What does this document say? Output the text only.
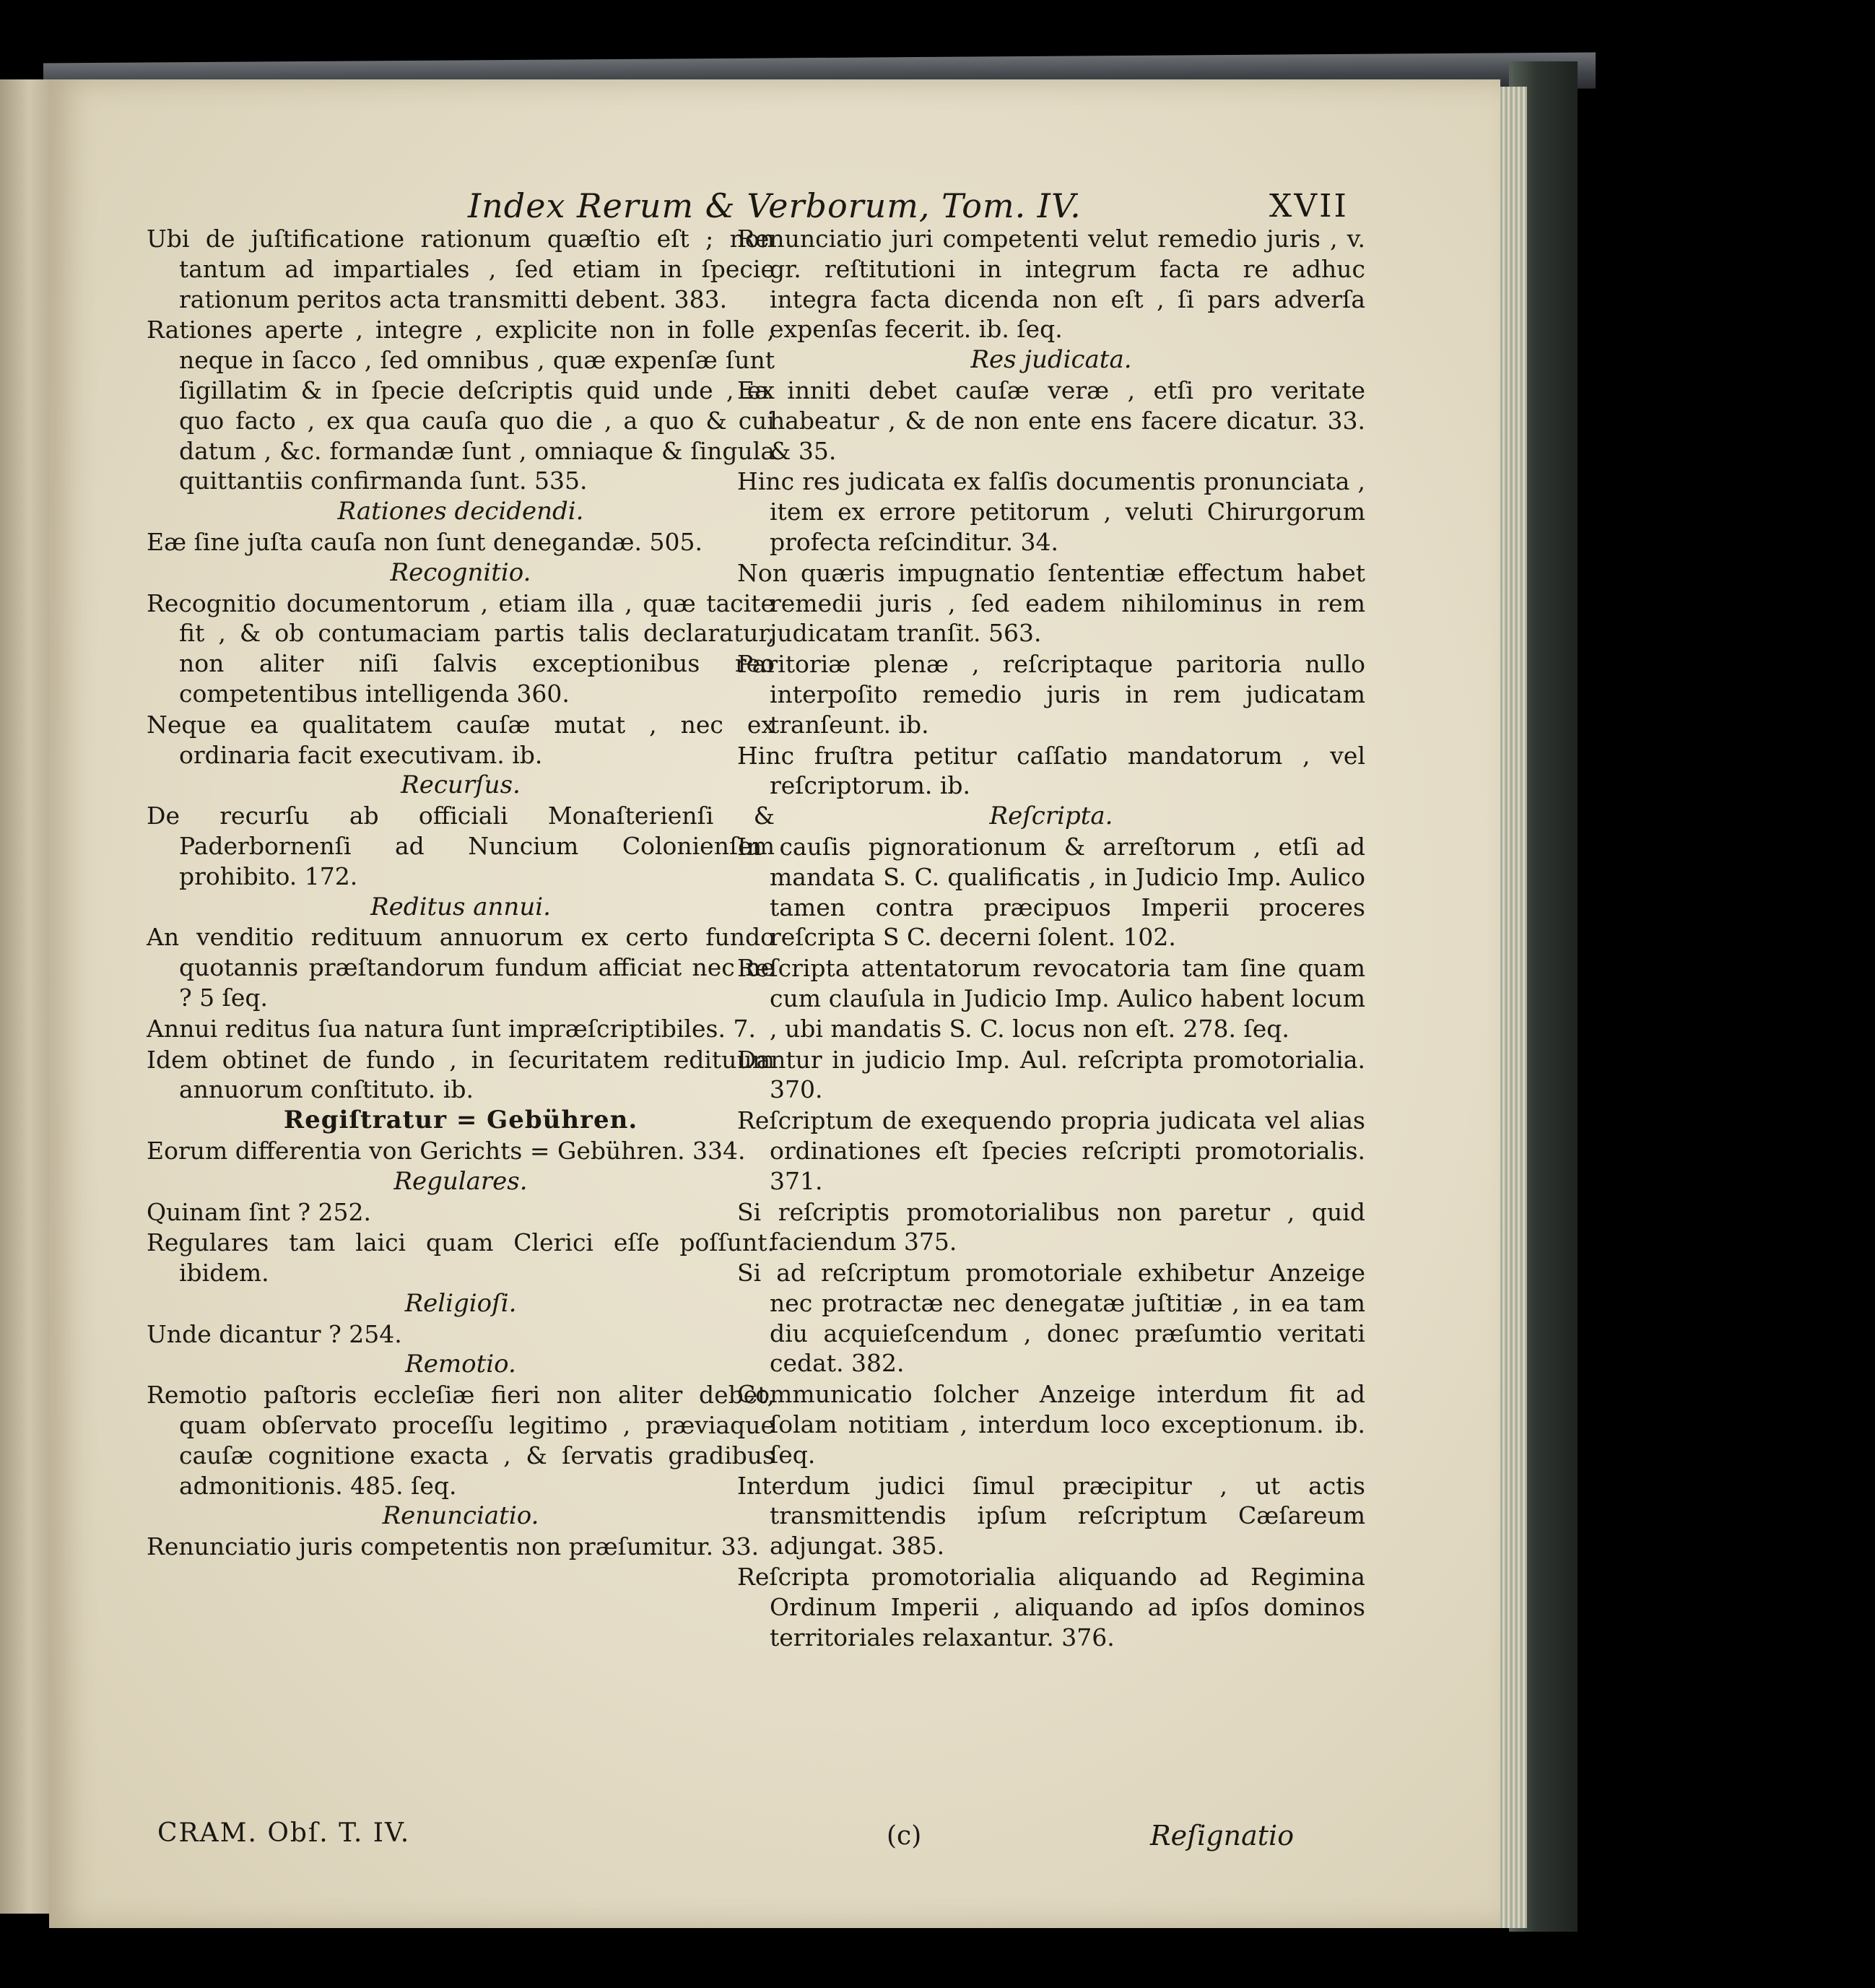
Index Rerum & Verborum, Tom. IV.	XVII

Ubi de juſtificatione rationum quæſtio eſt ; non tantum ad impartiales , ſed etiam in ſpecie rationum peritos acta transmitti debent. 383.

Rationes aperte , integre , explicite non in folle , neque in ſacco , ſed omnibus , quæ expenſæ ſunt ſigillatim & in ſpecie deſcriptis quid unde , ex quo facto , ex qua cauſa quo die , a quo & cui datum , &c. formandæ ſunt , omniaque & ſingula quittantiis confirmanda ſunt. 535.

Rationes decidendi.

Eæ ſine juſta cauſa non ſunt denegandæ. 505.

Recognitio.

Recognitio documentorum , etiam illa , quæ tacite fit , & ob contumaciam partis talis declaratur, non aliter niſi ſalvis exceptionibus reo competentibus intelligenda 360.

Neque ea qualitatem cauſæ mutat , nec ex ordinaria facit executivam. ib.

Recurſus.

De recurſu ab officiali Monaſterienſi & Paderbornenſi ad Nuncium Colonienſem prohibito. 172.

Reditus annui.

An venditio redituum annuorum ex certo fundo quotannis præſtandorum fundum afficiat nec ne ? 5 ſeq.

Annui reditus ſua natura ſunt impræſcriptibiles. 7.

Idem obtinet de fundo , in ſecuritatem redituum annuorum conſtituto. ib.

Regiſtratur = Gebühren.

Eorum differentia von Gerichts = Gebühren. 334.

Regulares.

Quinam ſint ? 252.

Regulares tam laici quam Clerici eſſe poſſunt. ibidem.

Religioſi.

Unde dicantur ? 254.

Remotio.

Remotio paſtoris eccleſiæ fieri non aliter debet, quam obſervato proceſſu legitimo , præviaque cauſæ cognitione exacta , & ſervatis gradibus admonitionis. 485. ſeq.

Renunciatio.

Renunciatio juris competentis non præſumitur. 33.

Renunciatio juri competenti velut remedio juris , v. gr. reſtitutioni in integrum facta re adhuc integra facta dicenda non eſt , ſi pars adverſa expenſas fecerit. ib. ſeq.

Res judicata.

Ea inniti debet cauſæ veræ , etſi pro veritate habeatur , & de non ente ens facere dicatur. 33. & 35.

Hinc res judicata ex falſis documentis pronunciata , item ex errore petitorum , veluti Chirurgorum profecta reſcinditur. 34.

Non quæris impugnatio ſententiæ effectum habet remedii juris , ſed eadem nihilominus in rem judicatam tranſit. 563.

Paritoriæ plenæ , reſcriptaque paritoria nullo interpoſito remedio juris in rem judicatam tranſeunt. ib.

Hinc fruſtra petitur caſſatio mandatorum , vel reſcriptorum. ib.

Reſcripta.

In cauſis pignorationum & arreſtorum , etſi ad mandata S. C. qualificatis , in Judicio Imp. Aulico tamen contra præcipuos Imperii proceres reſcripta S C. decerni ſolent. 102.

Reſcripta attentatorum revocatoria tam ſine quam cum clauſula in Judicio Imp. Aulico habent locum , ubi mandatis S. C. locus non eſt. 278. ſeq.

Dantur in judicio Imp. Aul. reſcripta promotorialia. 370.

Reſcriptum de exequendo propria judicata vel alias ordinationes eſt ſpecies reſcripti promotorialis. 371.

Si reſcriptis promotorialibus non paretur , quid faciendum 375.

Si ad reſcriptum promotoriale exhibetur Anzeige nec protractæ nec denegatæ juſtitiæ , in ea tam diu acquieſcendum , donec præſumtio veritati cedat. 382.

Communicatio ſolcher Anzeige interdum fit ad ſolam notitiam , interdum loco exceptionum. ib. ſeq.

Interdum judici ſimul præcipitur , ut actis transmittendis ipſum reſcriptum Cæſareum adjungat. 385.

Reſcripta promotorialia aliquando ad Regimina Ordinum Imperii , aliquando ad ipſos dominos territoriales relaxantur. 376.

CRAM. Obſ. T. IV.	(c)	Reſignatio
